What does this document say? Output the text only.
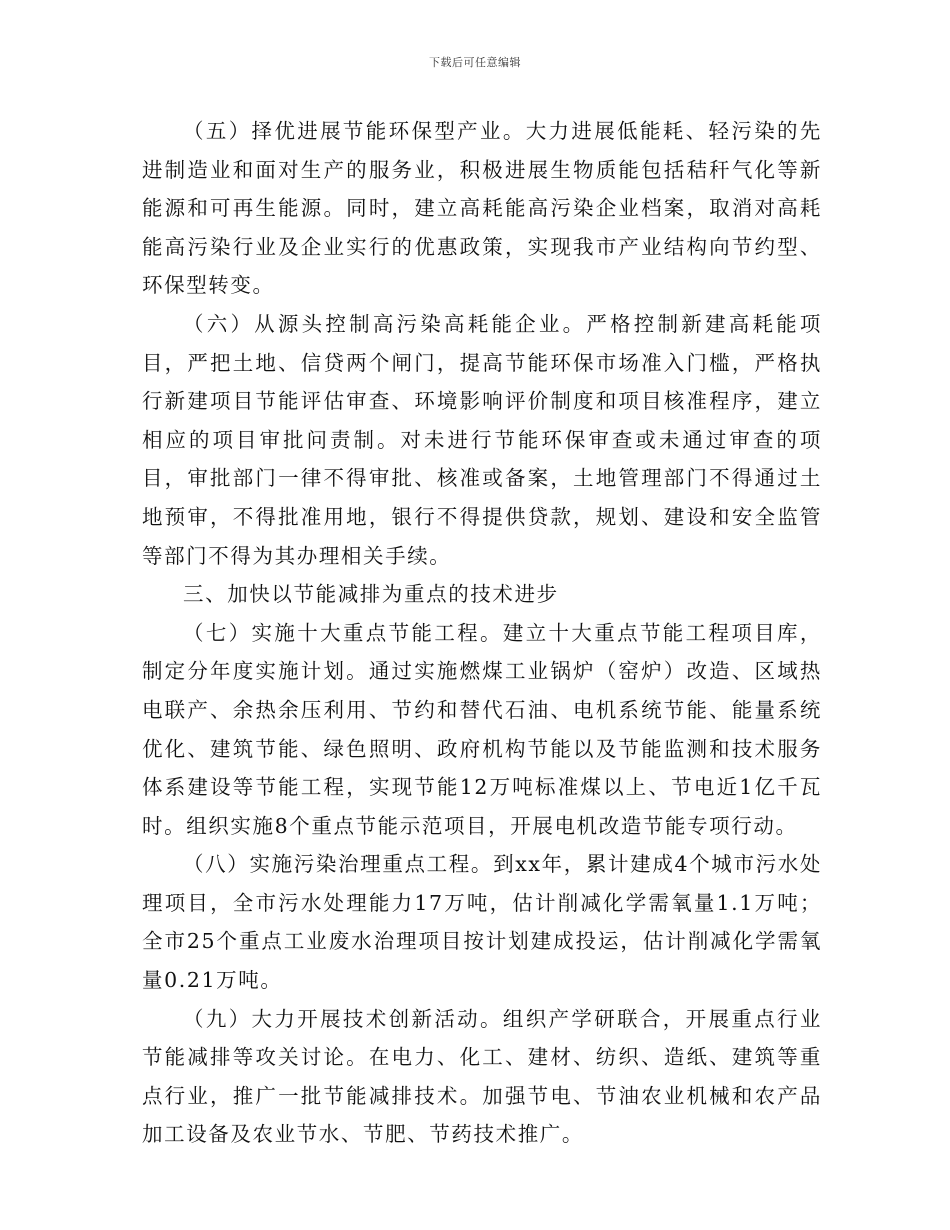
下载后可任意编辑

（五）择优进展节能环保型产业。大力进展低能耗、轻污染的先进制造业和面对生产的服务业，积极进展生物质能包括秸秆气化等新能源和可再生能源。同时，建立高耗能高污染企业档案，取消对高耗能高污染行业及企业实行的优惠政策，实现我市产业结构向节约型、环保型转变。

（六）从源头控制高污染高耗能企业。严格控制新建高耗能项目，严把土地、信贷两个闸门，提高节能环保市场准入门槛，严格执行新建项目节能评估审查、环境影响评价制度和项目核准程序，建立相应的项目审批问责制。对未进行节能环保审查或未通过审查的项目，审批部门一律不得审批、核准或备案，土地管理部门不得通过土地预审，不得批准用地，银行不得提供贷款，规划、建设和安全监管等部门不得为其办理相关手续。

三、加快以节能减排为重点的技术进步

（七）实施十大重点节能工程。建立十大重点节能工程项目库，制定分年度实施计划。通过实施燃煤工业锅炉（窑炉）改造、区域热电联产、余热余压利用、节约和替代石油、电机系统节能、能量系统优化、建筑节能、绿色照明、政府机构节能以及节能监测和技术服务体系建设等节能工程，实现节能12万吨标准煤以上、节电近1亿千瓦时。组织实施8个重点节能示范项目，开展电机改造节能专项行动。

（八）实施污染治理重点工程。到xx年，累计建成4个城市污水处理项目，全市污水处理能力17万吨，估计削减化学需氧量1.1万吨；全市25个重点工业废水治理项目按计划建成投运，估计削减化学需氧量0.21万吨。

（九）大力开展技术创新活动。组织产学研联合，开展重点行业节能减排等攻关讨论。在电力、化工、建材、纺织、造纸、建筑等重点行业，推广一批节能减排技术。加强节电、节油农业机械和农产品加工设备及农业节水、节肥、节药技术推广。
